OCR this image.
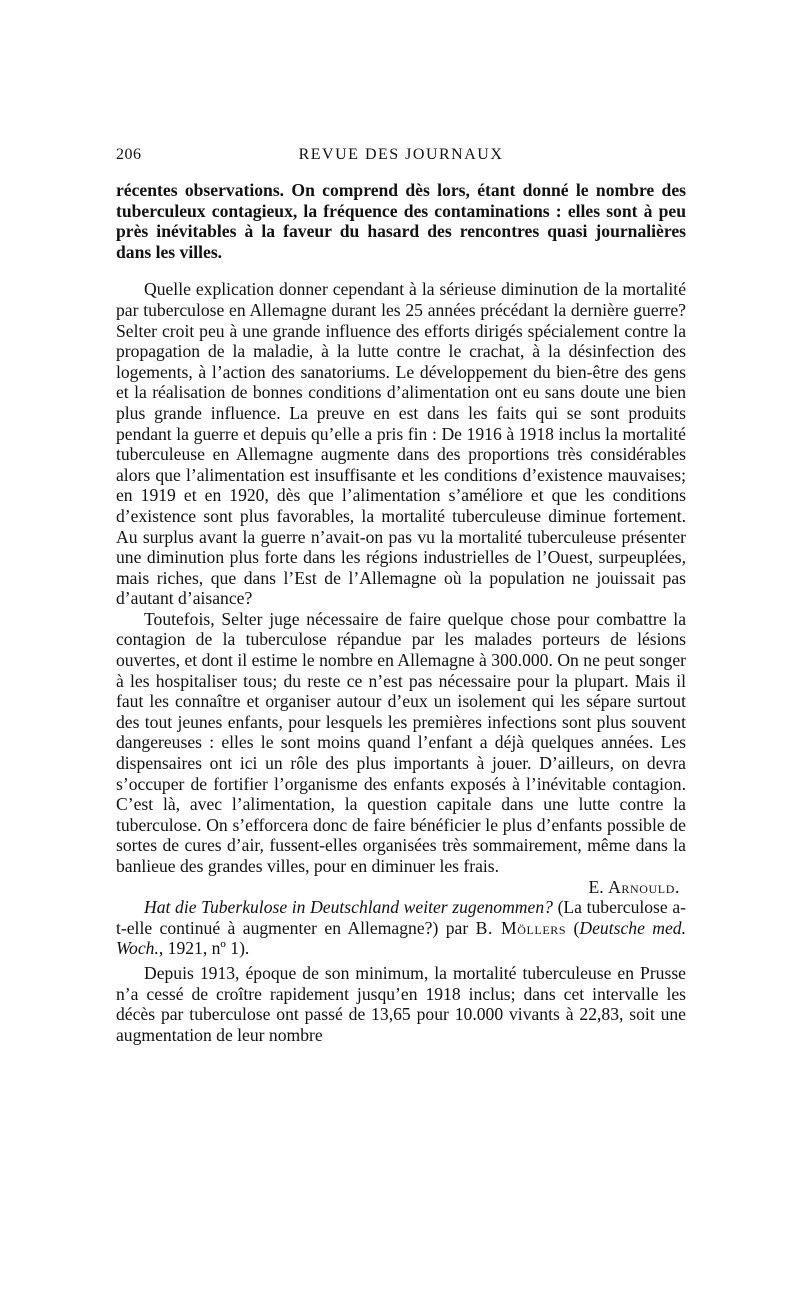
206	REVUE DES JOURNAUX

récentes observations. On comprend dès lors, étant donné le nombre des tuberculeux contagieux, la fréquence des contaminations : elles sont à peu près inévitables à la faveur du hasard des rencontres quasi journalières dans les villes.

Quelle explication donner cependant à la sérieuse diminution de la mortalité par tuberculose en Allemagne durant les 25 années précédant la dernière guerre? Selter croit peu à une grande influence des efforts dirigés spécialement contre la propagation de la maladie, à la lutte contre le crachat, à la désinfection des logements, à l’action des sanatoriums. Le développement du bien-être des gens et la réalisation de bonnes conditions d’alimentation ont eu sans doute une bien plus grande influence. La preuve en est dans les faits qui se sont produits pendant la guerre et depuis qu’elle a pris fin : De 1916 à 1918 inclus la mortalité tuberculeuse en Allemagne augmente dans des proportions très considérables alors que l’alimentation est insuffisante et les conditions d’existence mauvaises; en 1919 et en 1920, dès que l’alimentation s’améliore et que les conditions d’existence sont plus favorables, la mortalité tuberculeuse diminue fortement. Au surplus avant la guerre n’avait-on pas vu la mortalité tuberculeuse présenter une diminution plus forte dans les régions industrielles de l’Ouest, surpeuplées, mais riches, que dans l’Est de l’Allemagne où la population ne jouissait pas d’autant d’aisance?

Toutefois, Selter juge nécessaire de faire quelque chose pour combattre la contagion de la tuberculose répandue par les malades porteurs de lésions ouvertes, et dont il estime le nombre en Allemagne à 300.000. On ne peut songer à les hospitaliser tous; du reste ce n’est pas nécessaire pour la plupart. Mais il faut les connaître et organiser autour d’eux un isolement qui les sépare surtout des tout jeunes enfants, pour lesquels les premières infections sont plus souvent dangereuses : elles le sont moins quand l’enfant a déjà quelques années. Les dispensaires ont ici un rôle des plus importants à jouer. D’ailleurs, on devra s’occuper de fortifier l’organisme des enfants exposés à l’inévitable contagion. C’est là, avec l’alimentation, la question capitale dans une lutte contre la tuberculose. On s’efforcera donc de faire bénéficier le plus d’enfants possible de sortes de cures d’air, fussent-elles organisées très sommairement, même dans la banlieue des grandes villes, pour en diminuer les frais.

E. Arnould.

Hat die Tuberkulose in Deutschland weiter zugenommen? (La tuberculose a-t-elle continué à augmenter en Allemagne?) par B. Möllers (Deutsche med. Woch., 1921, nº 1).

Depuis 1913, époque de son minimum, la mortalité tuberculeuse en Prusse n’a cessé de croître rapidement jusqu’en 1918 inclus; dans cet intervalle les décès par tuberculose ont passé de 13,65 pour 10.000 vivants à 22,83, soit une augmentation de leur nombre
